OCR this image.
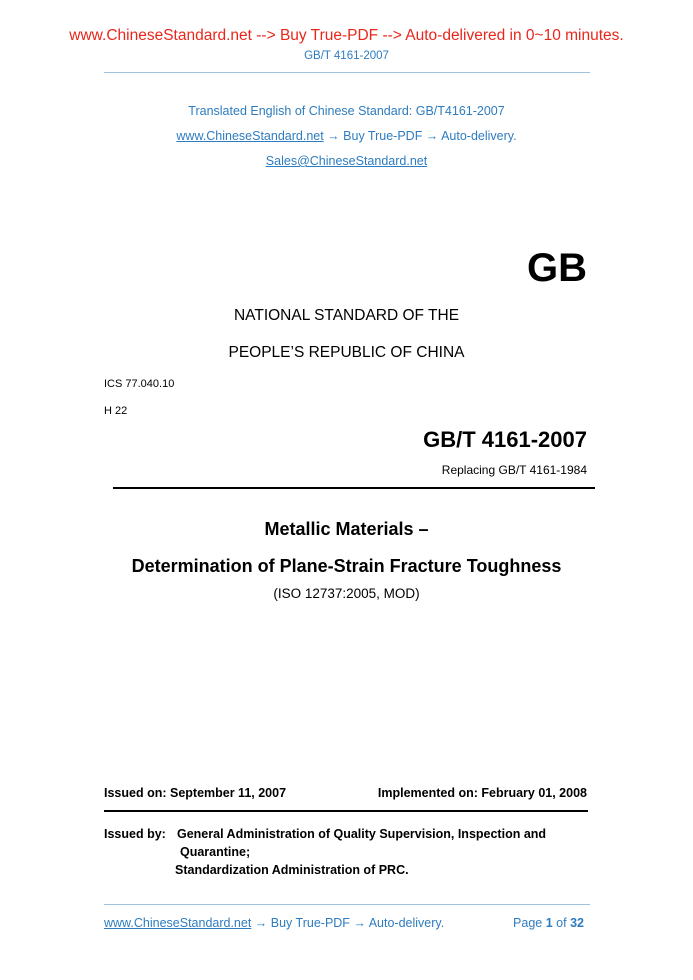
www.ChineseStandard.net --> Buy True-PDF --> Auto-delivered in 0~10 minutes.
GB/T 4161-2007
Translated English of Chinese Standard: GB/T4161-2007
www.ChineseStandard.net → Buy True-PDF → Auto-delivery.
Sales@ChineseStandard.net
GB
NATIONAL STANDARD OF THE
PEOPLE’S REPUBLIC OF CHINA
ICS 77.040.10
H 22
GB/T 4161-2007
Replacing GB/T 4161-1984
Metallic Materials –
Determination of Plane-Strain Fracture Toughness
(ISO 12737:2005, MOD)
Issued on: September 11, 2007	Implemented on: February 01, 2008
Issued by: General Administration of Quality Supervision, Inspection and
Quarantine;
Standardization Administration of PRC.
www.ChineseStandard.net → Buy True-PDF → Auto-delivery.	Page 1 of 32
